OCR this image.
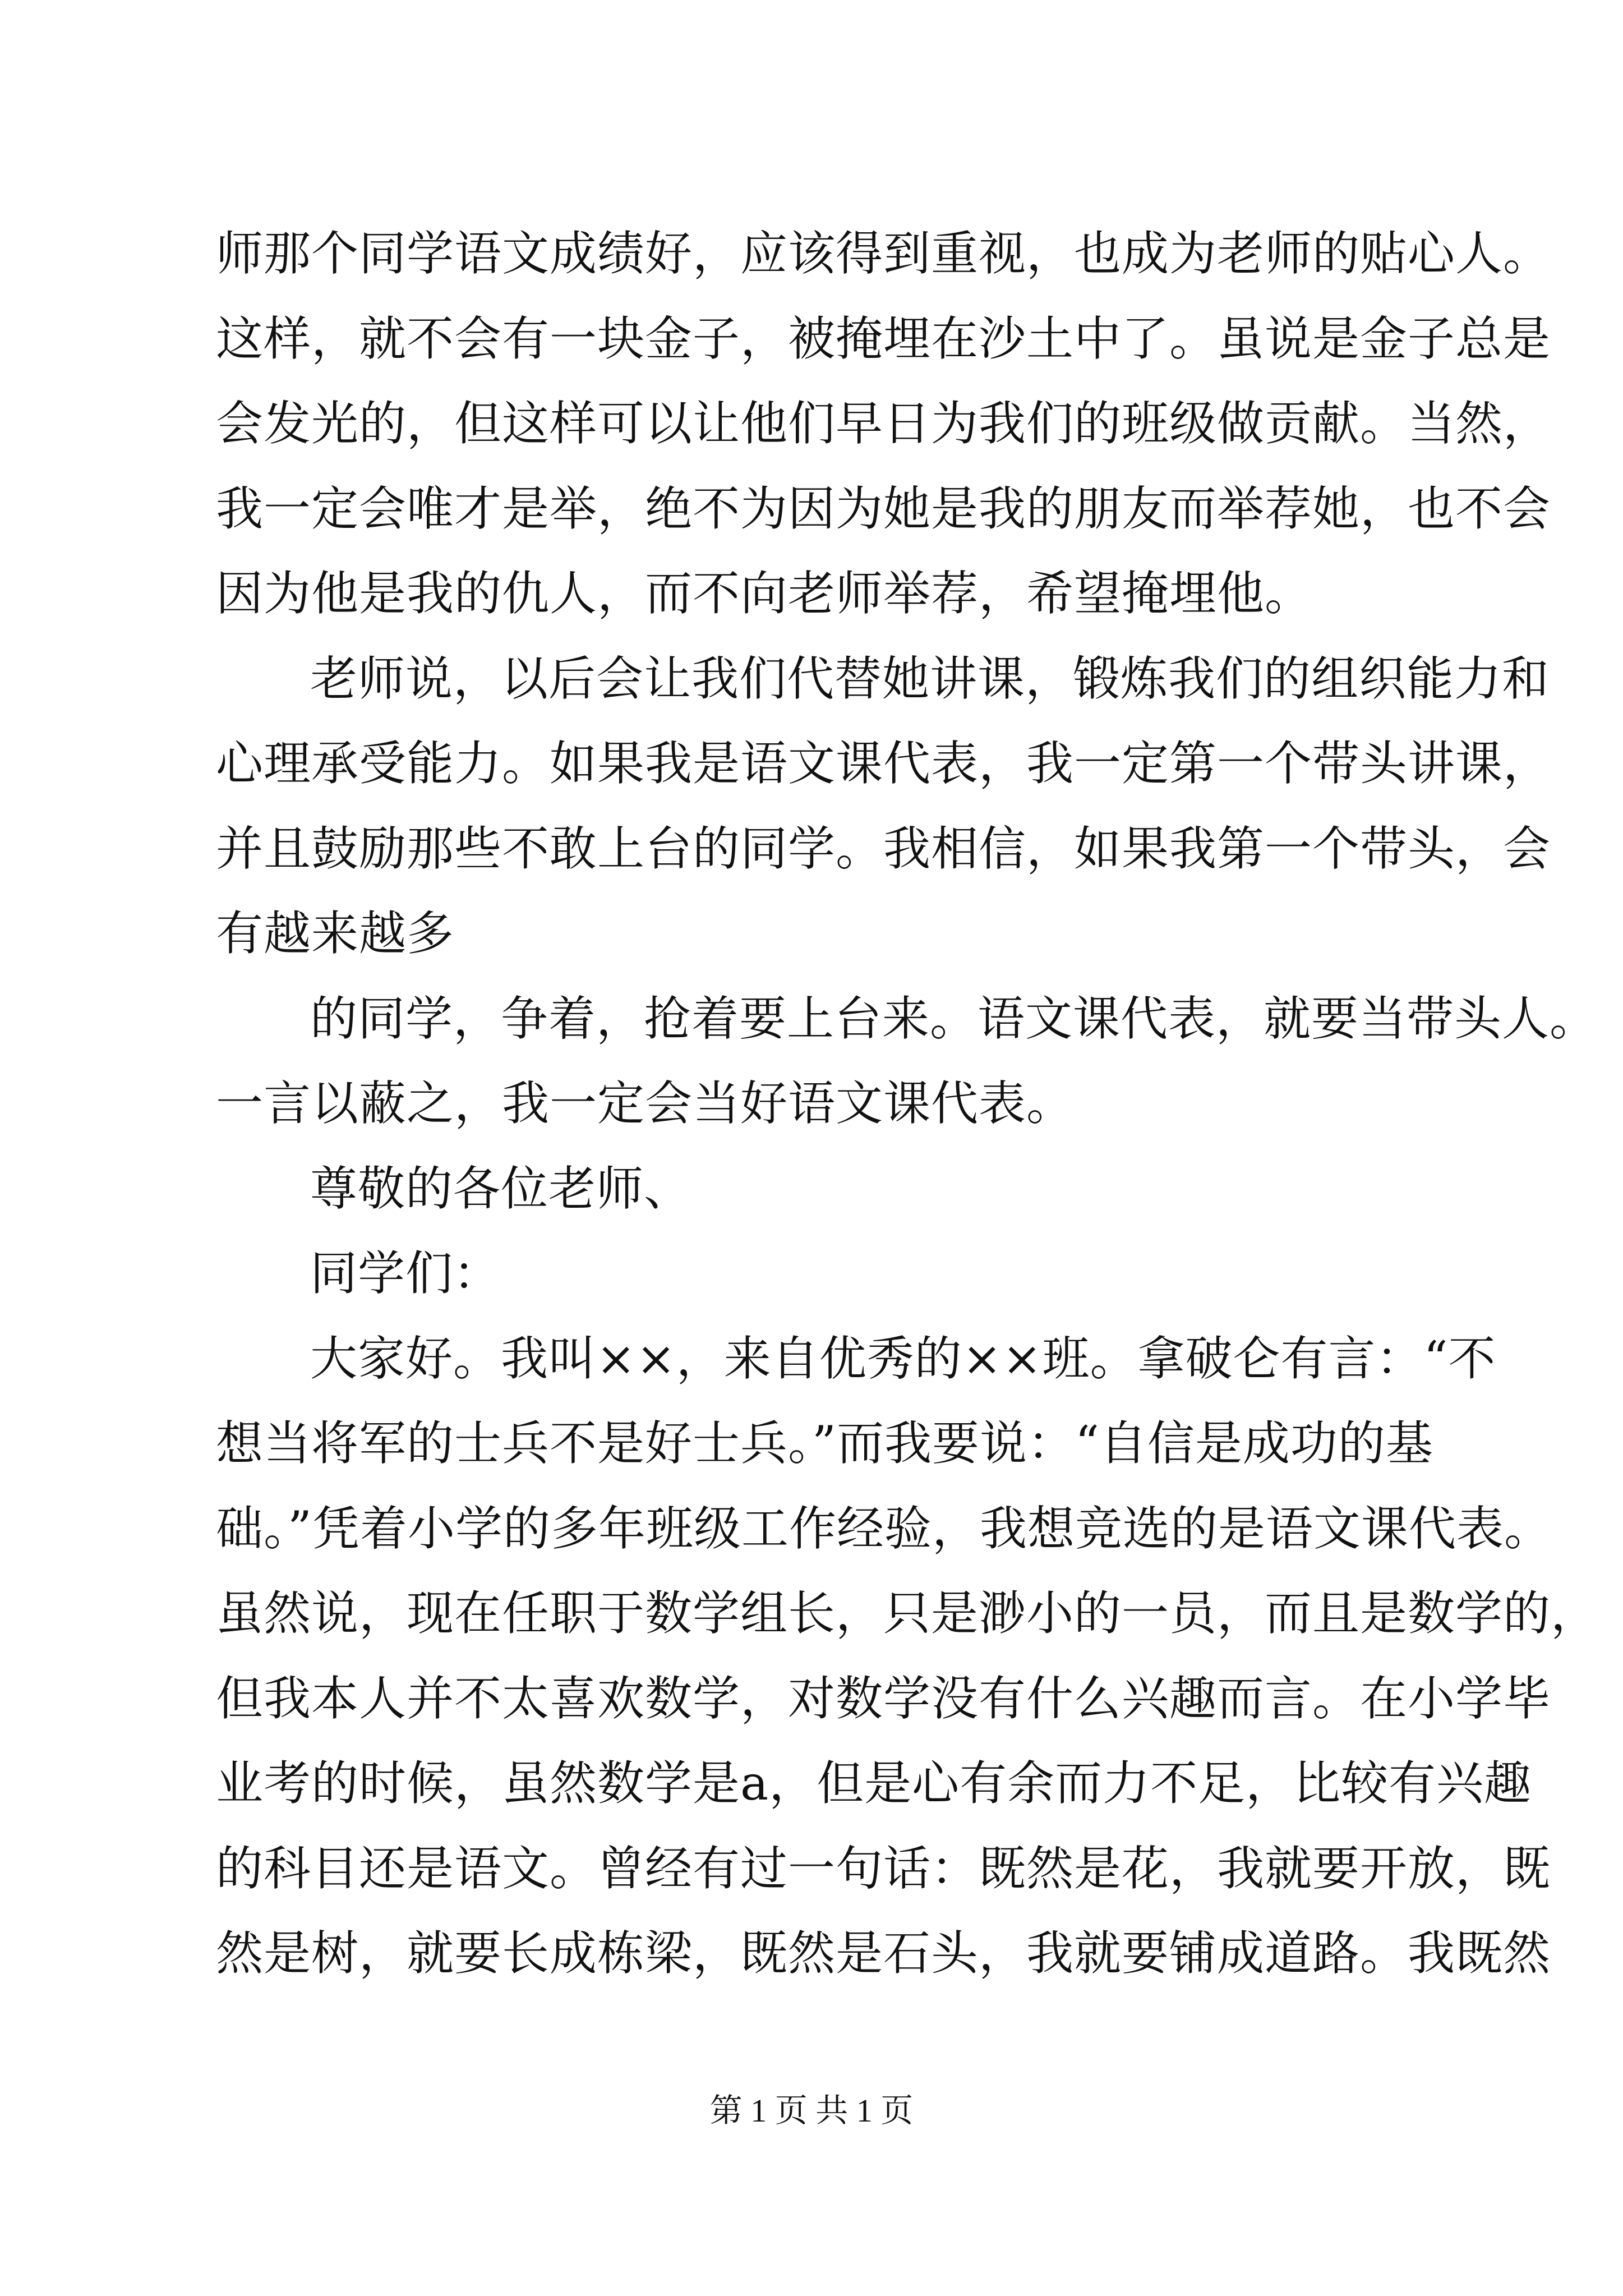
师那个同学语文成绩好，应该得到重视，也成为老师的贴心人。
这样，就不会有一块金子，被掩埋在沙土中了。虽说是金子总是
会发光的，但这样可以让他们早日为我们的班级做贡献。当然，
我一定会唯才是举，绝不为因为她是我的朋友而举荐她，也不会
因为他是我的仇人，而不向老师举荐，希望掩埋他。
老师说，以后会让我们代替她讲课，锻炼我们的组织能力和
心理承受能力。如果我是语文课代表，我一定第一个带头讲课，
并且鼓励那些不敢上台的同学。我相信，如果我第一个带头，会
有越来越多
的同学，争着，抢着要上台来。语文课代表，就要当带头人。
一言以蔽之，我一定会当好语文课代表。
尊敬的各位老师、
同学们：
大家好。我叫××，来自优秀的××班。拿破仑有言：“不
想当将军的士兵不是好士兵。”而我要说：“自信是成功的基
础。”凭着小学的多年班级工作经验，我想竞选的是语文课代表。
虽然说，现在任职于数学组长，只是渺小的一员，而且是数学的，
但我本人并不太喜欢数学，对数学没有什么兴趣而言。在小学毕
业考的时候，虽然数学是a，但是心有余而力不足，比较有兴趣
的科目还是语文。曾经有过一句话：既然是花，我就要开放，既
然是树，就要长成栋梁，既然是石头，我就要铺成道路。我既然
第 1 页 共 1 页
